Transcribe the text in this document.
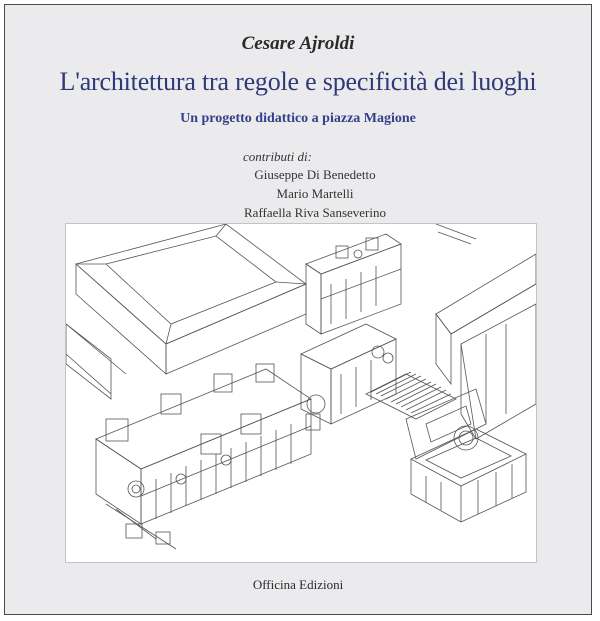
Cesare Ajroldi
L'architettura tra regole e specificità dei luoghi
Un progetto didattico a piazza Magione
contributi di:
Giuseppe Di Benedetto
Mario Martelli
Raffaella Riva Sanseverino
Officina Edizioni
